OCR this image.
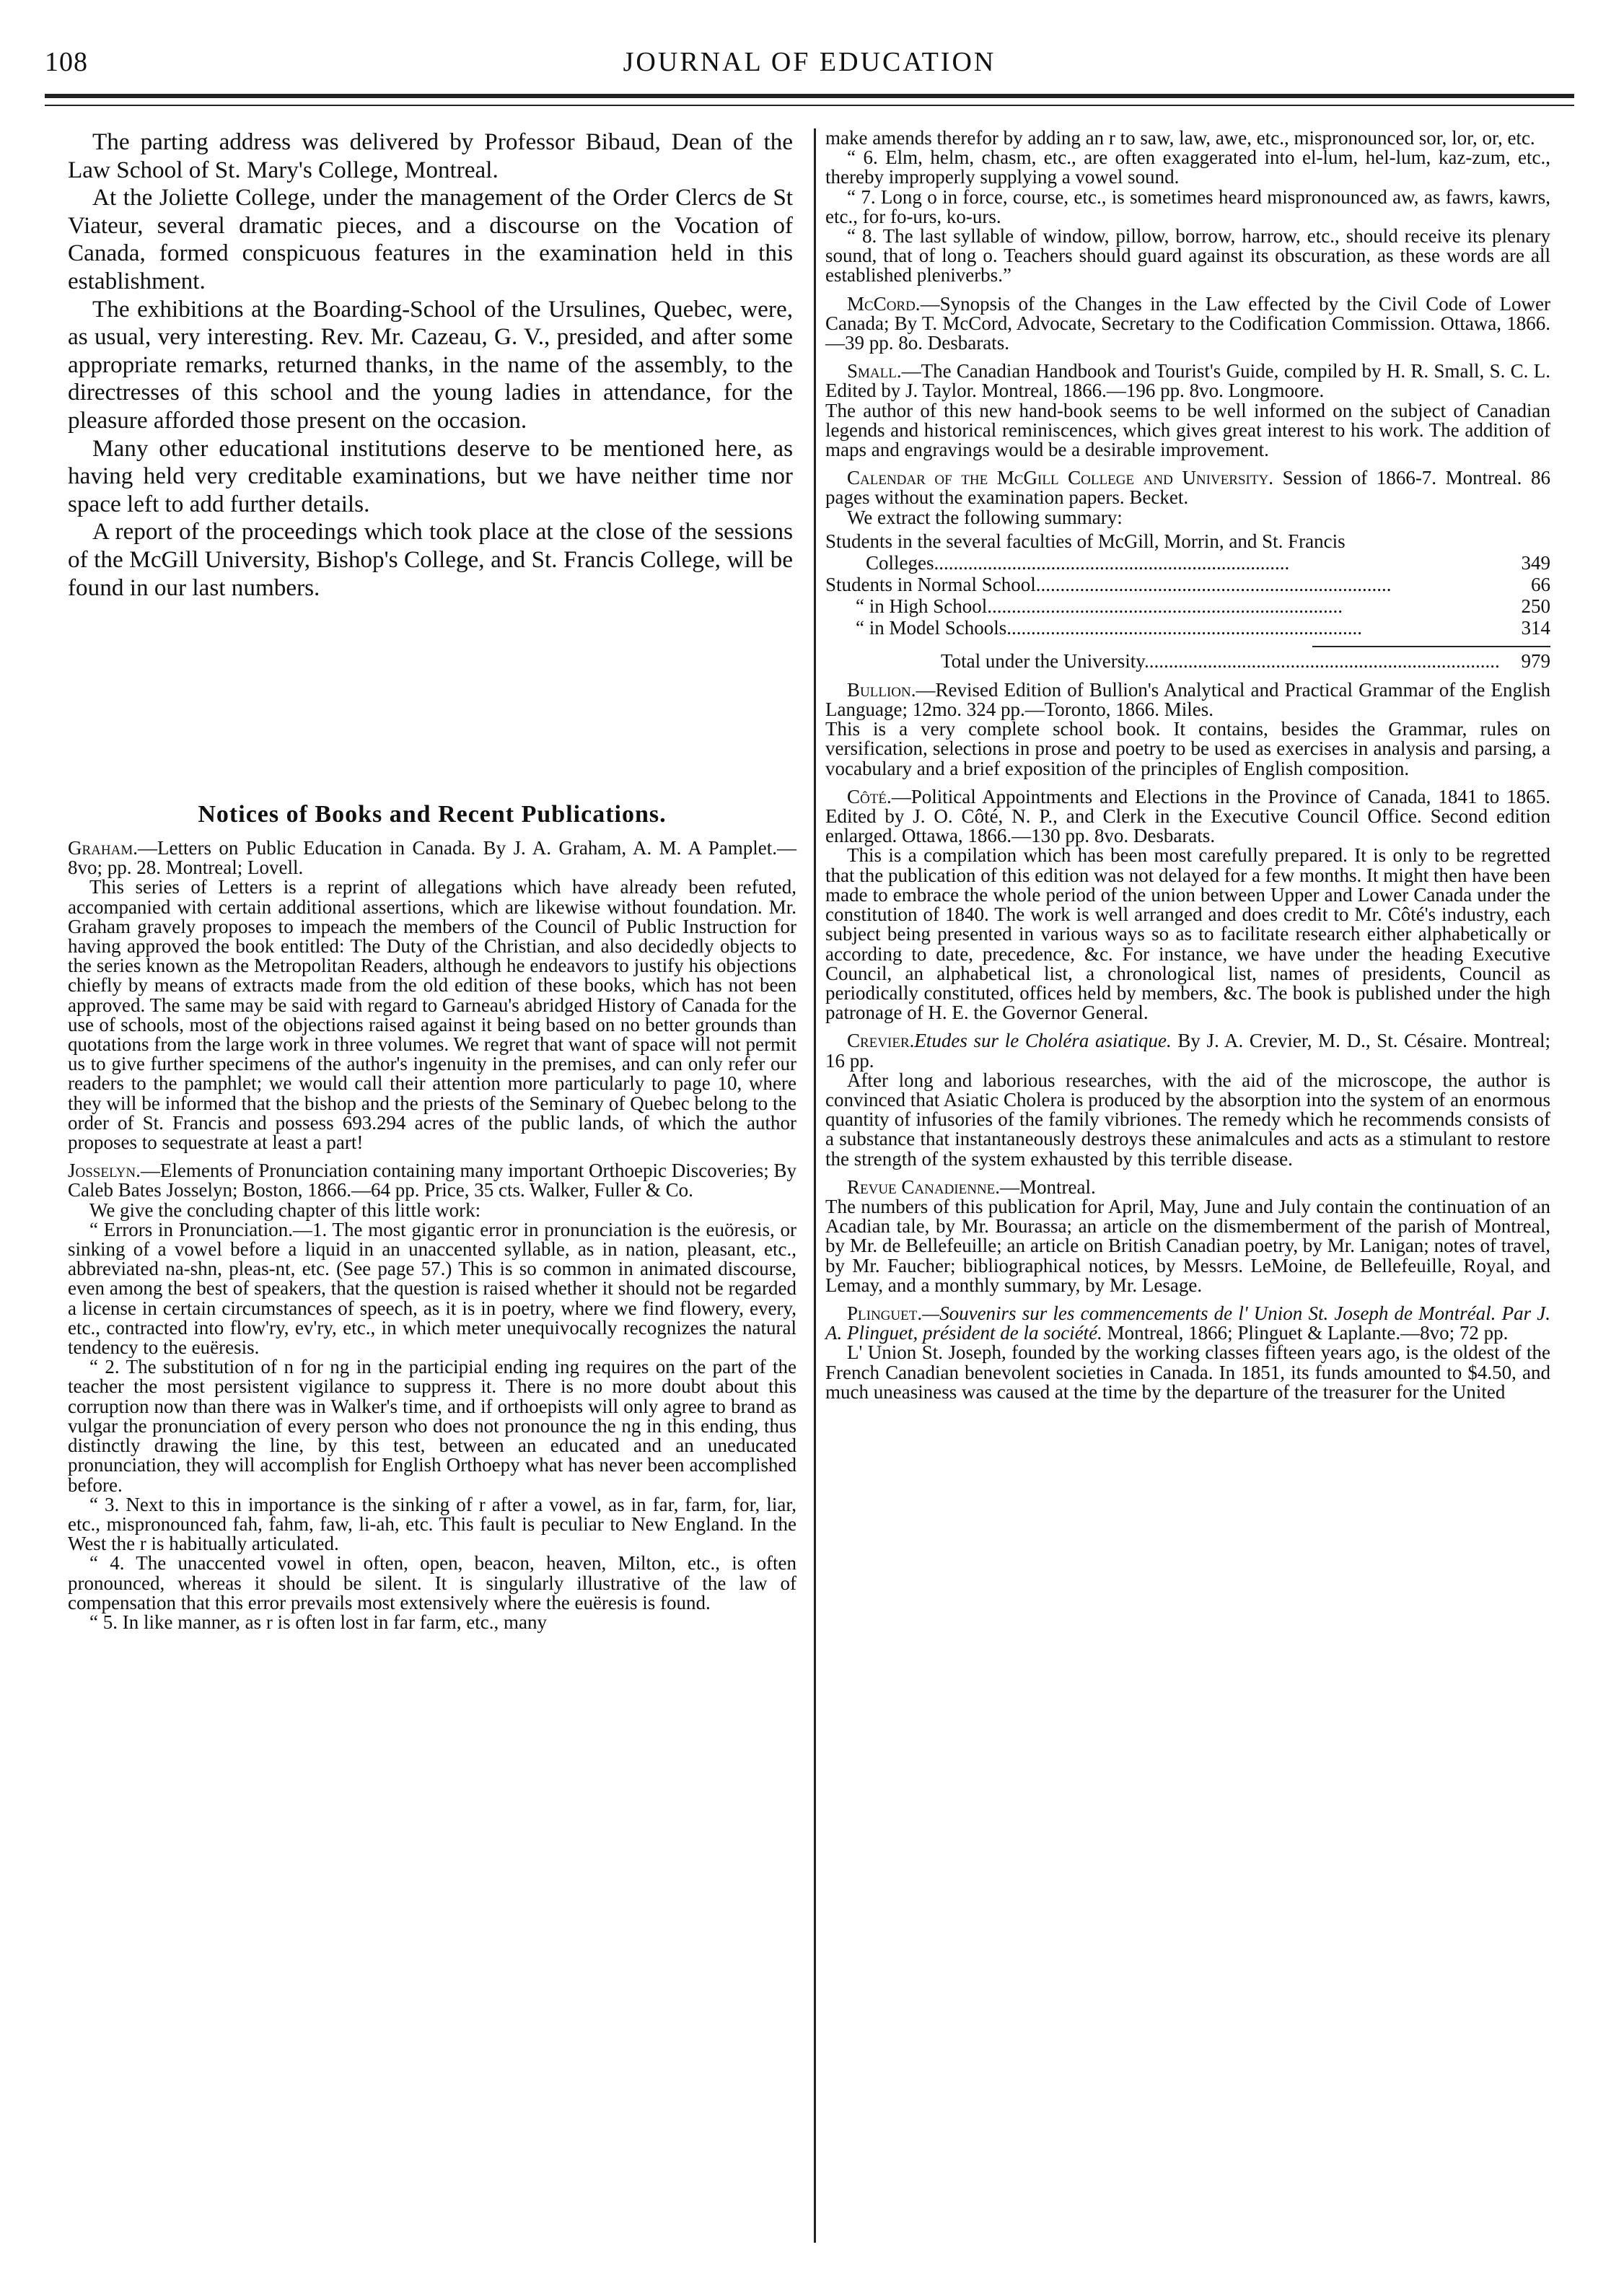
108	JOURNAL OF EDUCATION

The parting address was delivered by Professor Bibaud, Dean of the Law School of St. Mary's College, Montreal.

At the Joliette College, under the management of the Order Clercs de St Viateur, several dramatic pieces, and a discourse on the Vocation of Canada, formed conspicuous features in the examination held in this establishment.

The exhibitions at the Boarding-School of the Ursulines, Quebec, were, as usual, very interesting. Rev. Mr. Cazeau, G. V., presided, and after some appropriate remarks, returned thanks, in the name of the assembly, to the directresses of this school and the young ladies in attendance, for the pleasure afforded those present on the occasion.

Many other educational institutions deserve to be mentioned here, as having held very creditable examinations, but we have neither time nor space left to add further details.

A report of the proceedings which took place at the close of the sessions of the McGill University, Bishop's College, and St. Francis College, will be found in our last numbers.

Notices of Books and Recent Publications.

Graham.—Letters on Public Education in Canada. By J. A. Graham, A. M. A Pamplet.—8vo; pp. 28. Montreal; Lovell.

This series of Letters is a reprint of allegations which have already been refuted, accompanied with certain additional assertions, which are likewise without foundation. Mr. Graham gravely proposes to impeach the members of the Council of Public Instruction for having approved the book entitled: The Duty of the Christian, and also decidedly objects to the series known as the Metropolitan Readers, although he endeavors to justify his objections chiefly by means of extracts made from the old edition of these books, which has not been approved. The same may be said with regard to Garneau's abridged History of Canada for the use of schools, most of the objections raised against it being based on no better grounds than quotations from the large work in three volumes. We regret that want of space will not permit us to give further specimens of the author's ingenuity in the premises, and can only refer our readers to the pamphlet; we would call their attention more particularly to page 10, where they will be informed that the bishop and the priests of the Seminary of Quebec belong to the order of St. Francis and possess 693.294 acres of the public lands, of which the author proposes to sequestrate at least a part!

Josselyn.—Elements of Pronunciation containing many important Orthoepic Discoveries; By Caleb Bates Josselyn; Boston, 1866.—64 pp. Price, 35 cts. Walker, Fuller & Co.

We give the concluding chapter of this little work:

“ Errors in Pronunciation.—1. The most gigantic error in pronunciation is the euöresis, or sinking of a vowel before a liquid in an unaccented syllable, as in nation, pleasant, etc., abbreviated na-shn, pleas-nt, etc. (See page 57.) This is so common in animated discourse, even among the best of speakers, that the question is raised whether it should not be regarded a license in certain circumstances of speech, as it is in poetry, where we find flowery, every, etc., contracted into flow'ry, ev'ry, etc., in which meter unequivocally recognizes the natural tendency to the euëresis.

“ 2. The substitution of n for ng in the participial ending ing requires on the part of the teacher the most persistent vigilance to suppress it. There is no more doubt about this corruption now than there was in Walker's time, and if orthoepists will only agree to brand as vulgar the pronunciation of every person who does not pronounce the ng in this ending, thus distinctly drawing the line, by this test, between an educated and an uneducated pronunciation, they will accomplish for English Orthoepy what has never been accomplished before.

“ 3. Next to this in importance is the sinking of r after a vowel, as in far, farm, for, liar, etc., mispronounced fah, fahm, faw, li-ah, etc. This fault is peculiar to New England. In the West the r is habitually articulated.

“ 4. The unaccented vowel in often, open, beacon, heaven, Milton, etc., is often pronounced, whereas it should be silent. It is singularly illustrative of the law of compensation that this error prevails most extensively where the euëresis is found.

“ 5. In like manner, as r is often lost in far farm, etc., many

make amends therefor by adding an r to saw, law, awe, etc., mispronounced sor, lor, or, etc.

“ 6. Elm, helm, chasm, etc., are often exaggerated into el-lum, hel-lum, kaz-zum, etc., thereby improperly supplying a vowel sound.

“ 7. Long o in force, course, etc., is sometimes heard mispronounced aw, as fawrs, kawrs, etc., for fo-urs, ko-urs.

“ 8. The last syllable of window, pillow, borrow, harrow, etc., should receive its plenary sound, that of long o. Teachers should guard against its obscuration, as these words are all established pleniverbs.”

McCord.—Synopsis of the Changes in the Law effected by the Civil Code of Lower Canada; By T. McCord, Advocate, Secretary to the Codification Commission. Ottawa, 1866.—39 pp. 8o. Desbarats.

Small.—The Canadian Handbook and Tourist's Guide, compiled by H. R. Small, S. C. L. Edited by J. Taylor. Montreal, 1866.—196 pp. 8vo. Longmoore.

The author of this new hand-book seems to be well informed on the subject of Canadian legends and historical reminiscences, which gives great interest to his work. The addition of maps and engravings would be a desirable improvement.

Calendar of the McGill College and University. Session of 1866-7. Montreal. 86 pages without the examination papers. Becket.

We extract the following summary:

Students in the several faculties of McGill, Morrin, and St. Francis	
Colleges.........................................................................	349
Students in Normal School.........................................................................	66
“ in High School.........................................................................	250
“ in Model Schools.........................................................................	314
Total under the University.........................................................................	979

Bullion.—Revised Edition of Bullion's Analytical and Practical Grammar of the English Language; 12mo. 324 pp.—Toronto, 1866. Miles.

This is a very complete school book. It contains, besides the Grammar, rules on versification, selections in prose and poetry to be used as exercises in analysis and parsing, a vocabulary and a brief exposition of the principles of English composition.

Côté.—Political Appointments and Elections in the Province of Canada, 1841 to 1865. Edited by J. O. Côté, N. P., and Clerk in the Executive Council Office. Second edition enlarged. Ottawa, 1866.—130 pp. 8vo. Desbarats.

This is a compilation which has been most carefully prepared. It is only to be regretted that the publication of this edition was not delayed for a few months. It might then have been made to embrace the whole period of the union between Upper and Lower Canada under the constitution of 1840. The work is well arranged and does credit to Mr. Côté's industry, each subject being presented in various ways so as to facilitate research either alphabetically or according to date, precedence, &c. For instance, we have under the heading Executive Council, an alphabetical list, a chronological list, names of presidents, Council as periodically constituted, offices held by members, &c. The book is published under the high patronage of H. E. the Governor General.

Crevier.Etudes sur le Choléra asiatique. By J. A. Crevier, M. D., St. Césaire. Montreal; 16 pp.

After long and laborious researches, with the aid of the microscope, the author is convinced that Asiatic Cholera is produced by the absorption into the system of an enormous quantity of infusories of the family vibriones. The remedy which he recommends consists of a substance that instantaneously destroys these animalcules and acts as a stimulant to restore the strength of the system exhausted by this terrible disease.

Revue Canadienne.—Montreal.

The numbers of this publication for April, May, June and July contain the continuation of an Acadian tale, by Mr. Bourassa; an article on the dismemberment of the parish of Montreal, by Mr. de Bellefeuille; an article on British Canadian poetry, by Mr. Lanigan; notes of travel, by Mr. Faucher; bibliographical notices, by Messrs. LeMoine, de Bellefeuille, Royal, and Lemay, and a monthly summary, by Mr. Lesage.

Plinguet.—Souvenirs sur les commencements de l' Union St. Joseph de Montréal. Par J. A. Plinguet, président de la société. Montreal, 1866; Plinguet & Laplante.—8vo; 72 pp.

L' Union St. Joseph, founded by the working classes fifteen years ago, is the oldest of the French Canadian benevolent societies in Canada. In 1851, its funds amounted to $4.50, and much uneasiness was caused at the time by the departure of the treasurer for the United
